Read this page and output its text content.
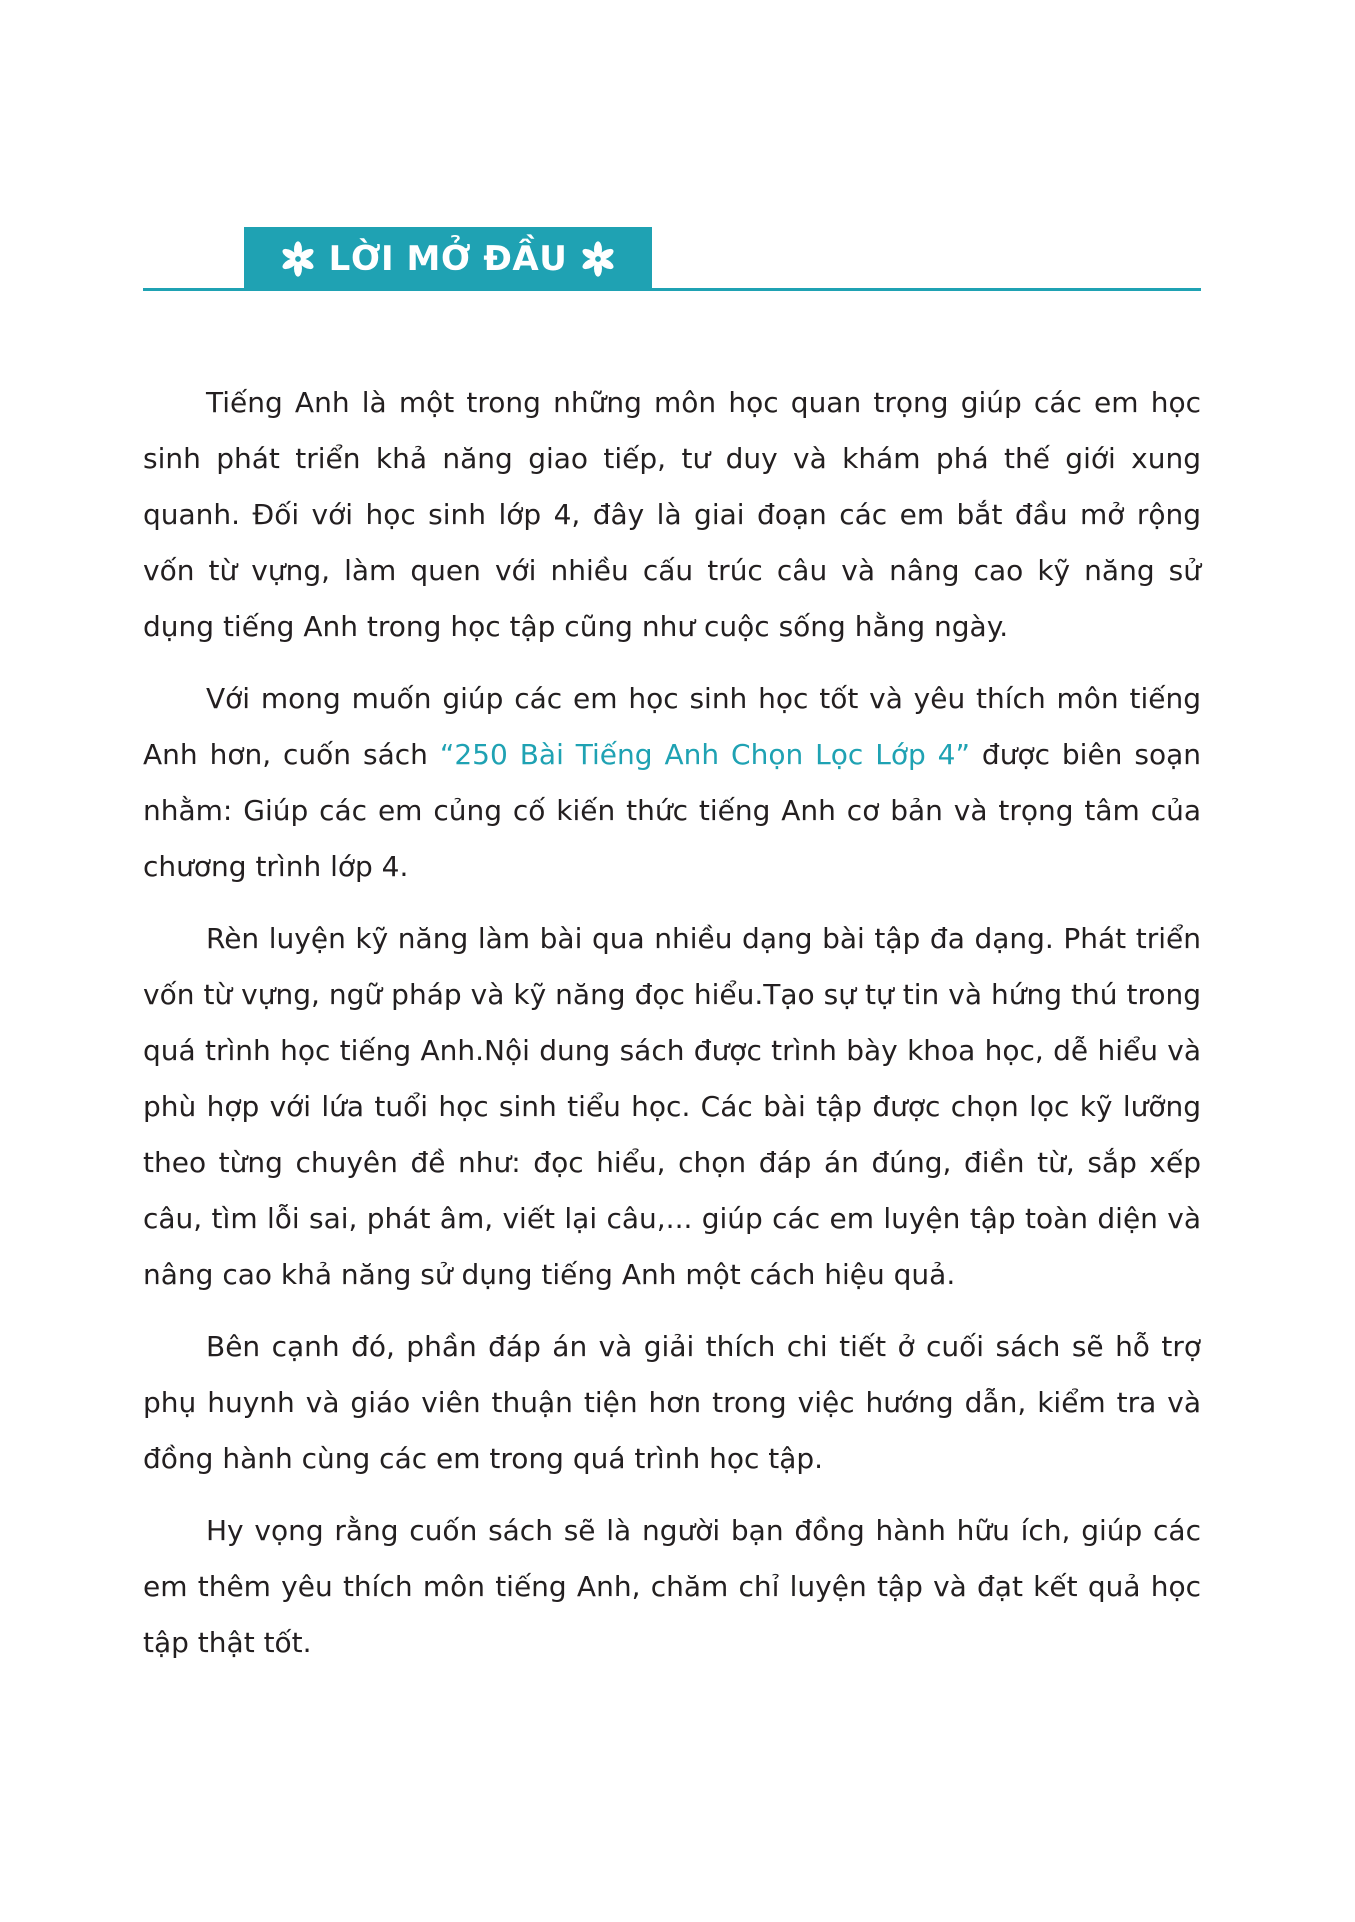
LỜI MỞ ĐẦU

Tiếng Anh là một trong những môn học quan trọng giúp các em học sinh phát triển khả năng giao tiếp, tư duy và khám phá thế giới xung quanh. Đối với học sinh lớp 4, đây là giai đoạn các em bắt đầu mở rộng vốn từ vựng, làm quen với nhiều cấu trúc câu và nâng cao kỹ năng sử dụng tiếng Anh trong học tập cũng như cuộc sống hằng ngày.

Với mong muốn giúp các em học sinh học tốt và yêu thích môn tiếng Anh hơn, cuốn sách “250 Bài Tiếng Anh Chọn Lọc Lớp 4” được biên soạn nhằm: Giúp các em củng cố kiến thức tiếng Anh cơ bản và trọng tâm của chương trình lớp 4.

Rèn luyện kỹ năng làm bài qua nhiều dạng bài tập đa dạng. Phát triển vốn từ vựng, ngữ pháp và kỹ năng đọc hiểu.Tạo sự tự tin và hứng thú trong quá trình học tiếng Anh.Nội dung sách được trình bày khoa học, dễ hiểu và phù hợp với lứa tuổi học sinh tiểu học. Các bài tập được chọn lọc kỹ lưỡng theo từng chuyên đề như: đọc hiểu, chọn đáp án đúng, điền từ, sắp xếp câu, tìm lỗi sai, phát âm, viết lại câu,... giúp các em luyện tập toàn diện và nâng cao khả năng sử dụng tiếng Anh một cách hiệu quả.

Bên cạnh đó, phần đáp án và giải thích chi tiết ở cuối sách sẽ hỗ trợ phụ huynh và giáo viên thuận tiện hơn trong việc hướng dẫn, kiểm tra và đồng hành cùng các em trong quá trình học tập.

Hy vọng rằng cuốn sách sẽ là người bạn đồng hành hữu ích, giúp các em thêm yêu thích môn tiếng Anh, chăm chỉ luyện tập và đạt kết quả học tập thật tốt.
